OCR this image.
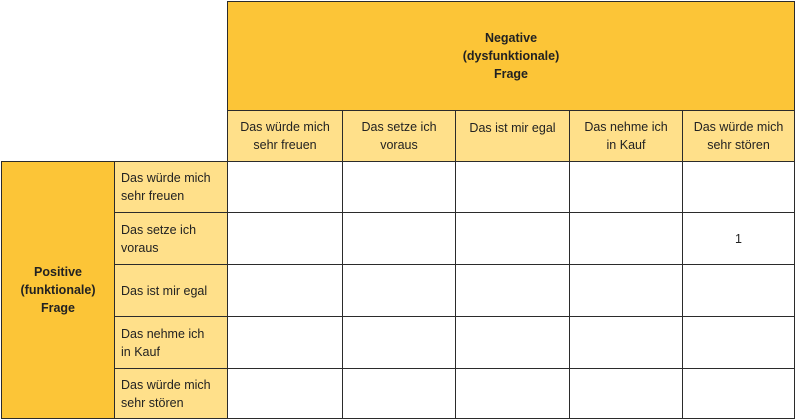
Negative
(dysfunktionale)
Frage
Das würde mich
sehr freuen
Das setze ich
voraus
Das ist mir egal Das nehme ich
in Kauf
Das würde mich
sehr stören
Positive
(funktionale)
Frage
Das würde mich
sehr freuen
Das setze ich
voraus
Das ist mir egal
Das nehme ich
in Kauf
Das würde mich
sehr stören
1
